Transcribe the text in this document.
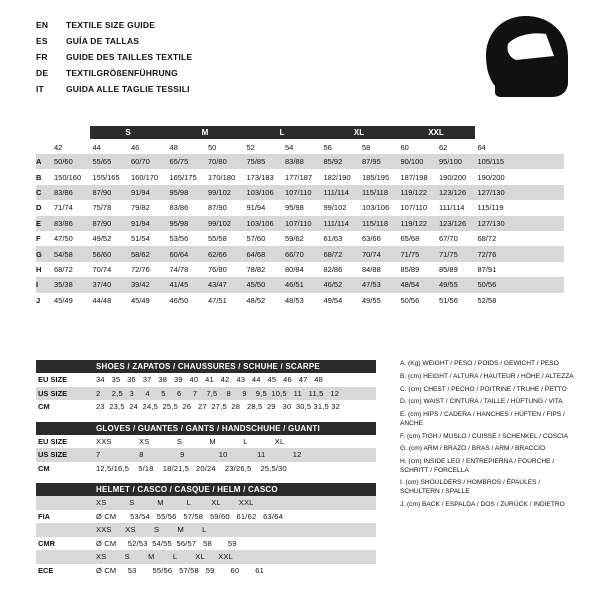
EN	TEXTILE SIZE GUIDE
ES	GUÍA DE TALLAS
FR	GUIDE DES TAILLES TEXTILE
DE	TEXTILGRÖßENFÜHRUNG
IT	GUIDA ALLE TAGLIE TESSILI
S	M	L	XL	XXL
42	44	46	48	50	52	54	56	58	60	62	64
A	50/60	55/65	60/70	65/75	70/80	75/85	83/88	85/92	87/95	90/100	95/100	105/115
B	150/160	155/165	160/170	165/175	170/180	173/183	177/187	182/190	185/195	187/198	190/200	190/200
C	83/86	87/90	91/94	95/98	99/102	103/106	107/110	111/114	115/118	119/122	123/126	127/130
D	71/74	75/78	79/82	83/86	87/90	91/94	95/98	99/102	103/106	107/110	111/114	115/119
E	83/86	87/90	91/94	95/98	99/102	103/106	107/110	111/114	115/118	119/122	123/126	127/130
F	47/50	49/52	51/54	53/56	55/58	57/60	59/62	61/63	63/66	65/68	67/70	68/72
G	54/58	56/60	58/62	60/64	62/66	64/68	66/70	68/72	70/74	71/75	71/75	72/76
H	68/72	70/74	72/76	74/78	76/80	78/82	80/84	82/86	84/88	85/89	85/89	87/91
I	35/38	37/40	39/42	41/45	43/47	45/50	46/51	46/52	47/53	48/54	49/55	50/56
J	45/49	44/48	45/49	46/50	47/51	48/52	48/53	49/54	49/55	50/56	51/56	52/58
SHOES / ZAPATOS / CHAUSSURES / SCHUHE / SCARPE
EU SIZE	34   35   36   37   38   39   40   41   42   43   44   45   46   47   48
US SIZE	2     2,5   3     4     5     6     7    7,5    8     9    9,5  10,5   11   11,5   12
CM	23  23,5  24  24,5  25,5  26   27  27,5  28   28,5  29   30  30,5 31,5 32
GLOVES / GUANTES / GANTS / HANDSCHUHE / GUANTI
EU SIZE	XXS            XS            S            M            L            XL
US SIZE	7                 8                9               10             11            12
CM	12,5/16,5    5/18    18/21,5   20/24    23/26,5    25,5/30
HELMET / CASCO / CASQUE / HELM / CASCO
XS          S          M          L         XL        XXL
FIA	Ø CM      53/54   55/56   57/58   59/60   61/62   63/64
XXS      XS        S        M        L
CMR	Ø CM     52/53  54/55  56/57   58       59
XS        S        M        L        XL      XXL
ECE	Ø CM     53       55/56   57/58   59       60       61
A. (Kg) WEIGHT / PESO / POIDS / GEWICHT / PESO
B. (cm) HEIGHT / ALTURA / HAUTEUR / HÖHE / ALTEZZA
C. (cm) CHEST / PECHO / POITRINE / TRUHE / PETTO
D. (cm) WAIST / CINTURA / TAILLE / HÜFTUNG / VITA
E. (cm) HIPS / CADERA / HANCHES / HÜFTEN / FIPS / ANCHE
F. (cm) TIGH / MUSLO / CUISSE / SCHENKEL / COSCIA
G. (cm) ARM / BRAZO / BRAS / ARM / BRACCIO
H. (cm) INSIDE LEG / ENTREPIERNA / FOURCHE / SCHRITT / FORCELLA
I. (cm) SHOULDERS / HOMBROS / ÉPAULES / SCHULTERN / SPALLE
J. (cm) BACK / ESPALDA / DOS / ZURÜCK / INDIETRO
